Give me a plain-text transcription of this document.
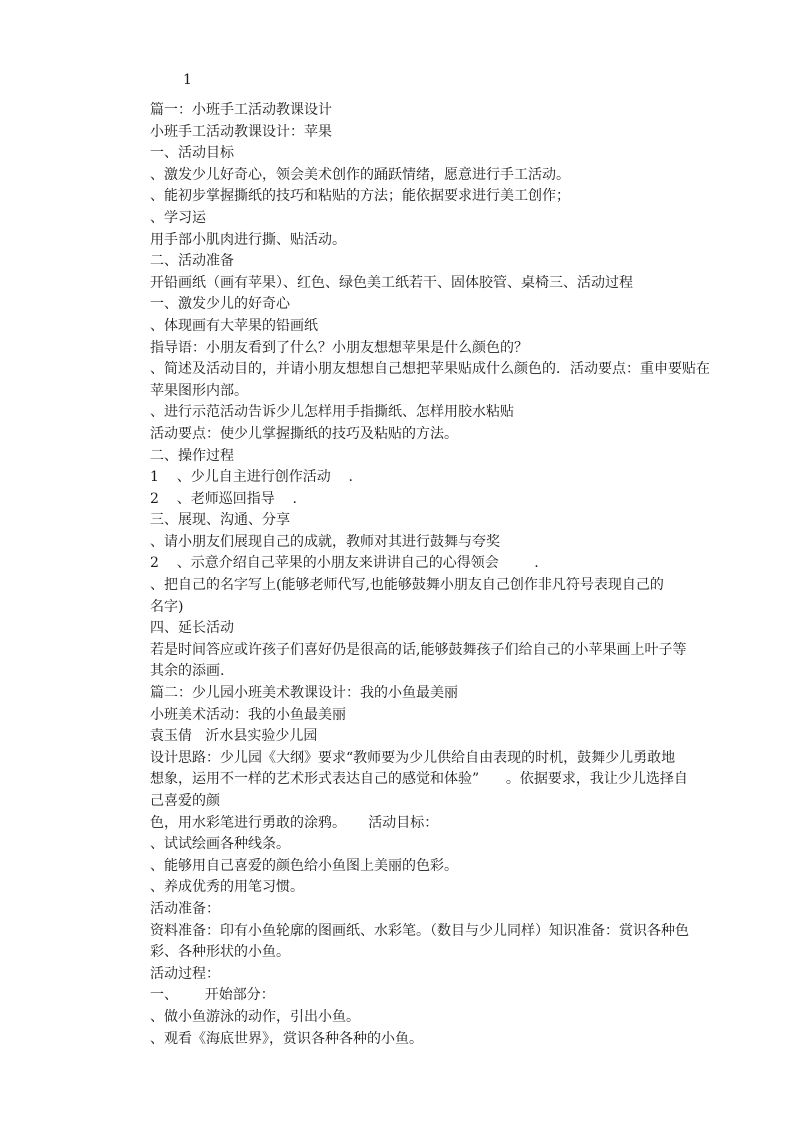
1

篇一：小班手工活动教课设计

小班手工活动教课设计：苹果

一、活动目标

、激发少儿好奇心，领会美术创作的踊跃情绪，愿意进行手工活动。

、能初步掌握撕纸的技巧和粘贴的方法；能依据要求进行美工创作；

、学习运

用手部小肌肉进行撕、贴活动。

二、活动准备

开铅画纸（画有苹果）、红色、绿色美工纸若干、固体胶管、桌椅三、活动过程

一、激发少儿的好奇心

、体现画有大苹果的铅画纸

指导语：小朋友看到了什么？小朋友想想苹果是什么颜色的？

、简述及活动目的，并请小朋友想想自己想把苹果贴成什么颜色的．活动要点：重申要贴在

苹果图形内部。

、进行示范活动告诉少儿怎样用手指撕纸、怎样用胶水粘贴

活动要点：使少儿掌握撕纸的技巧及粘贴的方法。

二、操作过程

1    、少儿自主进行创作活动    .

2    、老师巡回指导    .

三、展现、沟通、分享

、请小朋友们展现自己的成就，教师对其进行鼓舞与夸奖

2    、示意介绍自己苹果的小朋友来讲讲自己的心得领会        .

、把自己的名字写上(能够老师代写,也能够鼓舞小朋友自己创作非凡符号表现自己的

名字)

四、延长活动

若是时间答应或许孩子们喜好仍是很高的话,能够鼓舞孩子们给自己的小苹果画上叶子等

其余的添画.

篇二：少儿园小班美术教课设计：我的小鱼最美丽

小班美术活动：我的小鱼最美丽

袁玉倩   沂水县实验少儿园

设计思路：少儿园《大纲》要求“教师要为少儿供给自由表现的时机，鼓舞少儿勇敢地

想象，运用不一样的艺术形式表达自己的感觉和体验”      。依据要求，我让少儿选择自

己喜爱的颜

色，用水彩笔进行勇敢的涂鸦。     活动目标：

、试试绘画各种线条。

、能够用自己喜爱的颜色给小鱼图上美丽的色彩。

、养成优秀的用笔习惯。

活动准备：

资料准备：印有小鱼轮廓的图画纸、水彩笔。（数目与少儿同样）知识准备：赏识各种色

彩、各种形状的小鱼。

活动过程：

一、      开始部分：

、做小鱼游泳的动作，引出小鱼。

、观看《海底世界》，赏识各种各种的小鱼。
